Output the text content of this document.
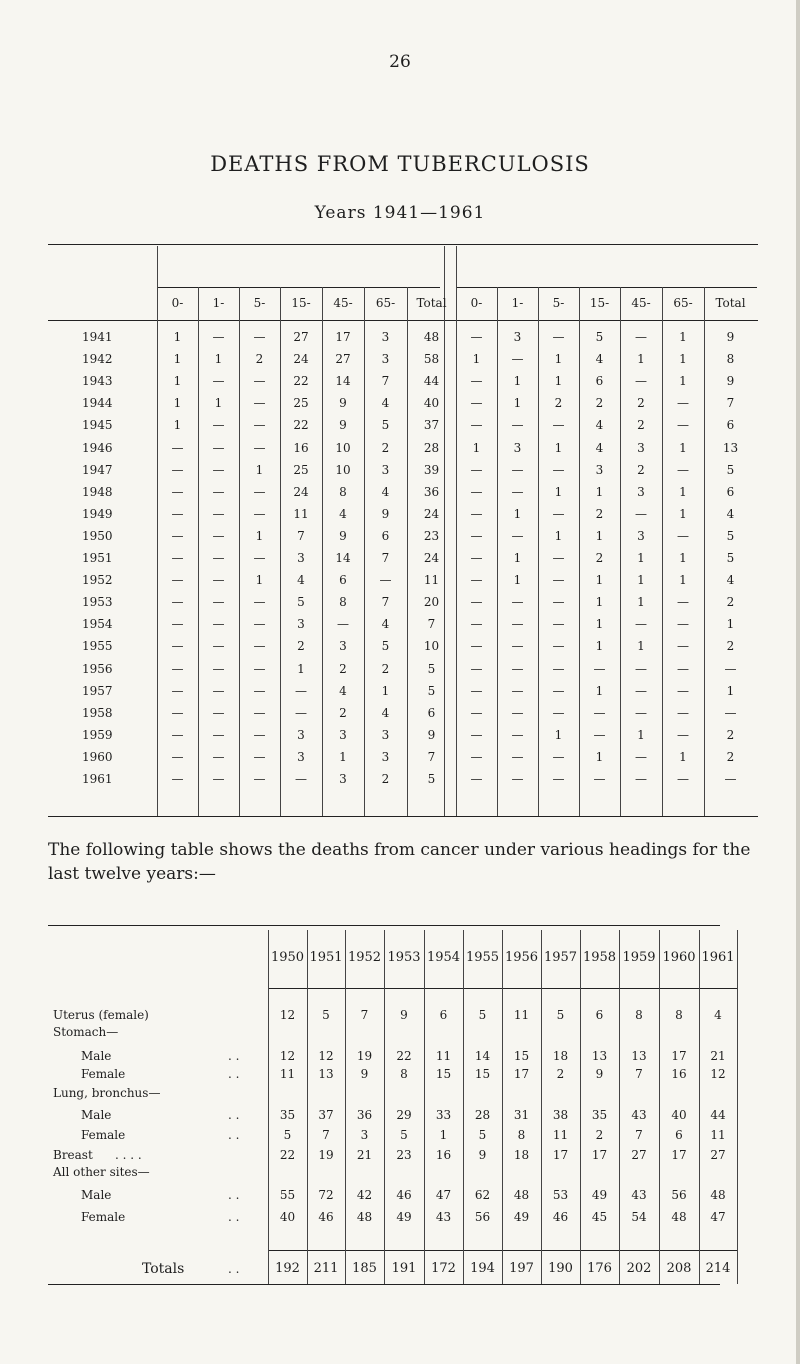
26
DEATHS FROM TUBERCULOSIS
Years 1941—1961
0-	1-	5-	15-	45-	65-	Total	0-	1-	5-	15-	45-	65-	Total
1941	1	—	—	27	17	3	48	—	3	—	5	—	1	9
1942	1	1	2	24	27	3	58	1	—	1	4	1	1	8
1943	1	—	—	22	14	7	44	—	1	1	6	—	1	9
1944	1	1	—	25	9	4	40	—	1	2	2	2	—	7
1945	1	—	—	22	9	5	37	—	—	—	4	2	—	6
1946	—	—	—	16	10	2	28	1	3	1	4	3	1	13
1947	—	—	1	25	10	3	39	—	—	—	3	2	—	5
1948	—	—	—	24	8	4	36	—	—	1	1	3	1	6
1949	—	—	—	11	4	9	24	—	1	—	2	—	1	4
1950	—	—	1	7	9	6	23	—	—	1	1	3	—	5
1951	—	—	—	3	14	7	24	—	1	—	2	1	1	5
1952	—	—	1	4	6	—	11	—	1	—	1	1	1	4
1953	—	—	—	5	8	7	20	—	—	—	1	1	—	2
1954	—	—	—	3	—	4	7	—	—	—	1	—	—	1
1955	—	—	—	2	3	5	10	—	—	—	1	1	—	2
1956	—	—	—	1	2	2	5	—	—	—	—	—	—	—
1957	—	—	—	—	4	1	5	—	—	—	1	—	—	1
1958	—	—	—	—	2	4	6	—	—	—	—	—	—	—
1959	—	—	—	3	3	3	9	—	—	1	—	1	—	2
1960	—	—	—	3	1	3	7	—	—	—	1	—	1	2
1961	—	—	—	—	3	2	5	—	—	—	—	—	—	—
The following table shows the deaths from cancer under various headings for the last twelve years:—
1950 1951 1952 1953 1954 1955 1956 1957 1958 1959 1960 1961
Uterus (female)	12	5	7	9	6	5	11	5	6	8	8	4
Stomach—
Male	. .	12	12	19	22	11	14	15	18	13	13	17	21
Female	. .	11	13	9	8	15	15	17	2	9	7	16	12
Lung, bronchus—
Male	. .	35	37	36	29	33	28	31	38	35	43	40	44
Female	. .	5	7	3	5	1	5	8	11	2	7	6	11
Breast . . . .	22	19	21	23	16	9	18	17	17	27	17	27
All other sites—
Male	. .	55	72	42	46	47	62	48	53	49	43	56	48
Female	. .	40	46	48	49	43	56	49	46	45	54	48	47
Totals	. .	192	211	185	191	172	194	197	190	176	202	208	214
